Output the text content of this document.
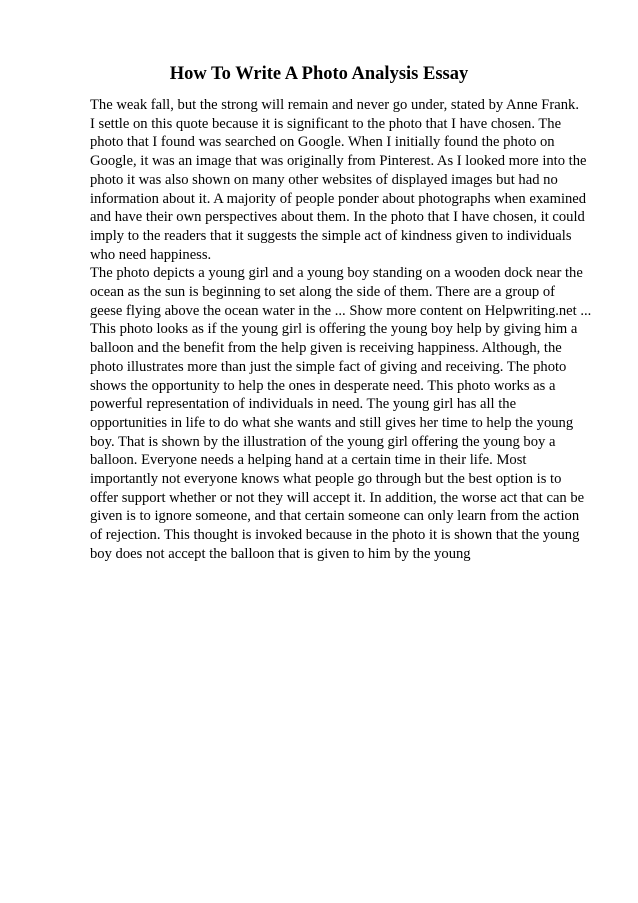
How To Write A Photo Analysis Essay
The weak fall, but the strong will remain and never go under, stated by Anne Frank.
I settle on this quote because it is significant to the photo that I have chosen. The
photo that I found was searched on Google. When I initially found the photo on
Google, it was an image that was originally from Pinterest. As I looked more into the
photo it was also shown on many other websites of displayed images but had no
information about it. A majority of people ponder about photographs when examined
and have their own perspectives about them. In the photo that I have chosen, it could
imply to the readers that it suggests the simple act of kindness given to individuals
who need happiness.
The photo depicts a young girl and a young boy standing on a wooden dock near the
ocean as the sun is beginning to set along the side of them. There are a group of
geese flying above the ocean water in the ... Show more content on Helpwriting.net ...
This photo looks as if the young girl is offering the young boy help by giving him a
balloon and the benefit from the help given is receiving happiness. Although, the
photo illustrates more than just the simple fact of giving and receiving. The photo
shows the opportunity to help the ones in desperate need. This photo works as a
powerful representation of individuals in need. The young girl has all the
opportunities in life to do what she wants and still gives her time to help the young
boy. That is shown by the illustration of the young girl offering the young boy a
balloon. Everyone needs a helping hand at a certain time in their life. Most
importantly not everyone knows what people go through but the best option is to
offer support whether or not they will accept it. In addition, the worse act that can be
given is to ignore someone, and that certain someone can only learn from the action
of rejection. This thought is invoked because in the photo it is shown that the young
boy does not accept the balloon that is given to him by the young
